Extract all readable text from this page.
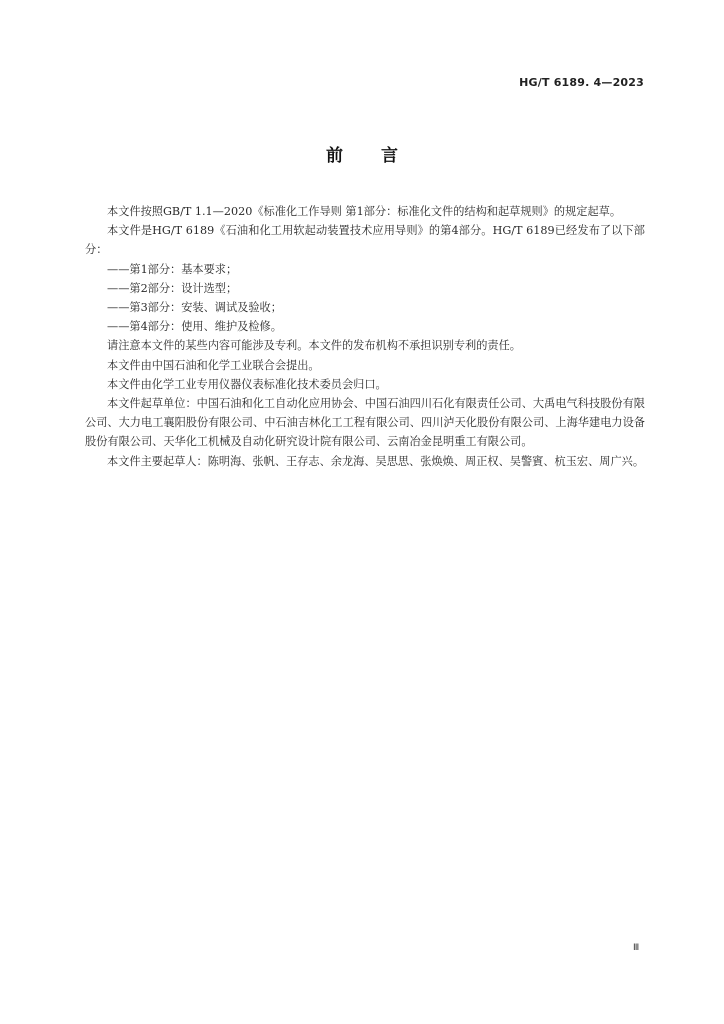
HG/T 6189. 4—2023
前言

本文件按照GB/T 1.1—2020《标准化工作导则 第1部分：标准化文件的结构和起草规则》的规定起草。

本文件是HG/T 6189《石油和化工用软起动装置技术应用导则》的第4部分。HG/T 6189已经发布了以下部分：

——第1部分：基本要求；

——第2部分：设计选型；

——第3部分：安装、调试及验收；

——第4部分：使用、维护及检修。

请注意本文件的某些内容可能涉及专利。本文件的发布机构不承担识别专利的责任。

本文件由中国石油和化学工业联合会提出。

本文件由化学工业专用仪器仪表标准化技术委员会归口。

本文件起草单位：中国石油和化工自动化应用协会、中国石油四川石化有限责任公司、大禹电气科技股份有限公司、大力电工襄阳股份有限公司、中石油吉林化工工程有限公司、四川泸天化股份有限公司、上海华建电力设备股份有限公司、天华化工机械及自动化研究设计院有限公司、云南冶金昆明重工有限公司。

本文件主要起草人：陈明海、张帆、王存志、余龙海、吴思思、张焕焕、周正权、吴警賓、杭玉宏、周广兴。

Ⅲ
